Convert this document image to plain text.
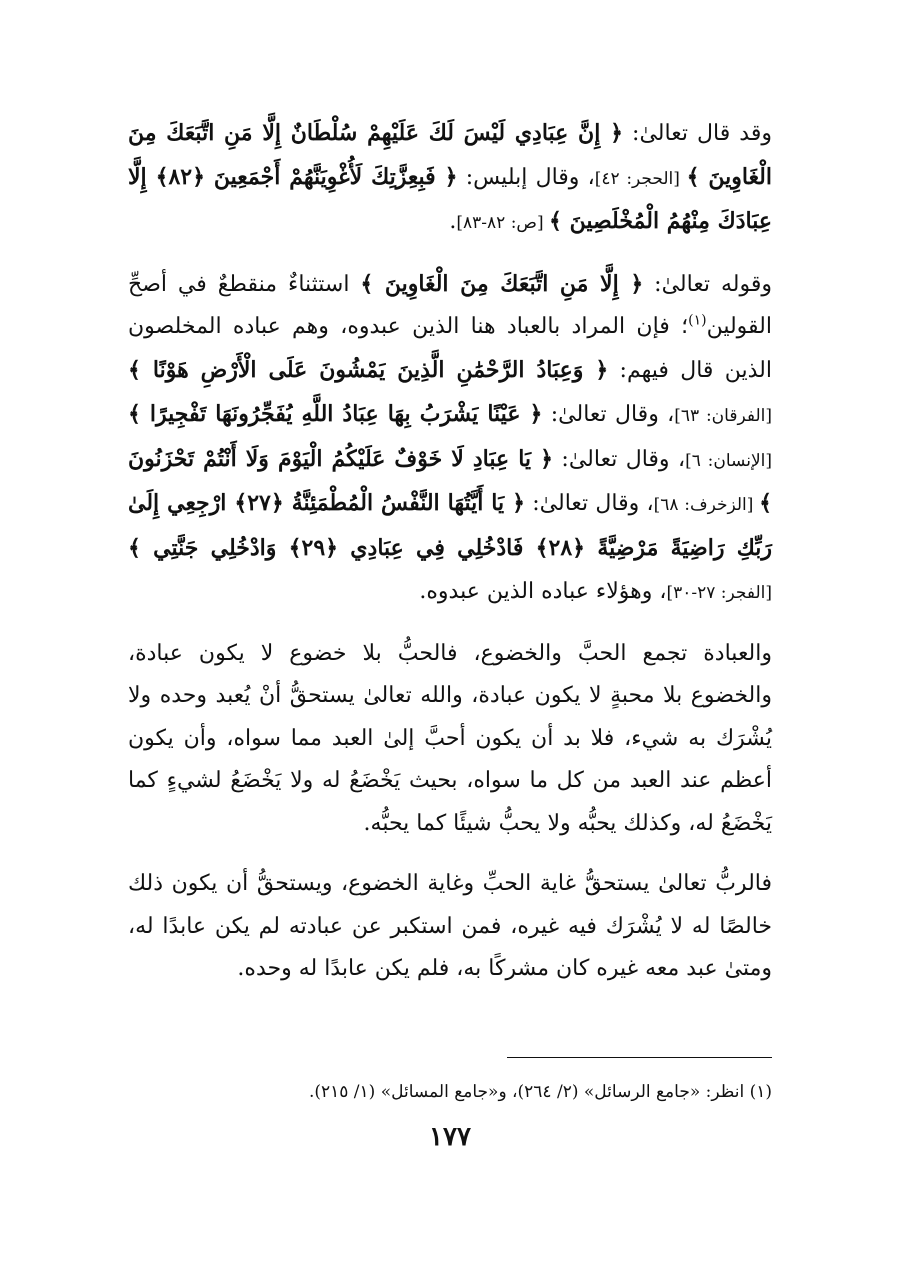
وقد قال تعالىٰ: ﴿ إِنَّ عِبَادِي لَيْسَ لَكَ عَلَيْهِمْ سُلْطَانٌ إِلَّا مَنِ اتَّبَعَكَ مِنَ الْغَاوِينَ ﴾ [الحجر: ٤٢]، وقال إبليس: ﴿ فَبِعِزَّتِكَ لَأُغْوِيَنَّهُمْ أَجْمَعِينَ ﴿٨٢﴾ إِلَّا عِبَادَكَ مِنْهُمُ الْمُخْلَصِينَ ﴾ [ص: ٨٢-٨٣].

وقوله تعالىٰ: ﴿ إِلَّا مَنِ اتَّبَعَكَ مِنَ الْغَاوِينَ ﴾ استثناءٌ منقطعٌ في أصحِّ القولين$^{(١)}$؛ فإن المراد بالعباد هنا الذين عبدوه، وهم عباده المخلصون الذين قال فيهم: ﴿ وَعِبَادُ الرَّحْمَٰنِ الَّذِينَ يَمْشُونَ عَلَى الْأَرْضِ هَوْنًا ﴾ [الفرقان: ٦٣]، وقال تعالىٰ: ﴿ عَيْنًا يَشْرَبُ بِهَا عِبَادُ اللَّهِ يُفَجِّرُونَهَا تَفْجِيرًا ﴾ [الإنسان: ٦]، وقال تعالىٰ: ﴿ يَا عِبَادِ لَا خَوْفٌ عَلَيْكُمُ الْيَوْمَ وَلَا أَنْتُمْ تَحْزَنُونَ ﴾ [الزخرف: ٦٨]، وقال تعالىٰ: ﴿ يَا أَيَّتُهَا النَّفْسُ الْمُطْمَئِنَّةُ ﴿٢٧﴾ ارْجِعِي إِلَىٰ رَبِّكِ رَاضِيَةً مَرْضِيَّةً ﴿٢٨﴾ فَادْخُلِي فِي عِبَادِي ﴿٢٩﴾ وَادْخُلِي جَنَّتِي ﴾ [الفجر: ٢٧-٣٠]، وهؤلاء عباده الذين عبدوه.

والعبادة تجمع الحبَّ والخضوع، فالحبُّ بلا خضوع لا يكون عبادة، والخضوع بلا محبةٍ لا يكون عبادة، والله تعالىٰ يستحقُّ أنْ يُعبد وحده ولا يُشْرَك به شيء، فلا بد أن يكون أحبَّ إلىٰ العبد مما سواه، وأن يكون أعظم عند العبد من كل ما سواه، بحيث يَخْضَعُ له ولا يَخْضَعُ لشيءٍ كما يَخْضَعُ له، وكذلك يحبُّه ولا يحبُّ شيئًا كما يحبُّه.

فالربُّ تعالىٰ يستحقُّ غاية الحبِّ وغاية الخضوع، ويستحقُّ أن يكون ذلك خالصًا له لا يُشْرَك فيه غيره، فمن استكبر عن عبادته لم يكن عابدًا له، ومتىٰ عبد معه غيره كان مشركًا به، فلم يكن عابدًا له وحده.

(١) انظر: «جامع الرسائل» (٢/ ٢٦٤)، و«جامع المسائل» (١/ ٢١٥).
١٧٧
